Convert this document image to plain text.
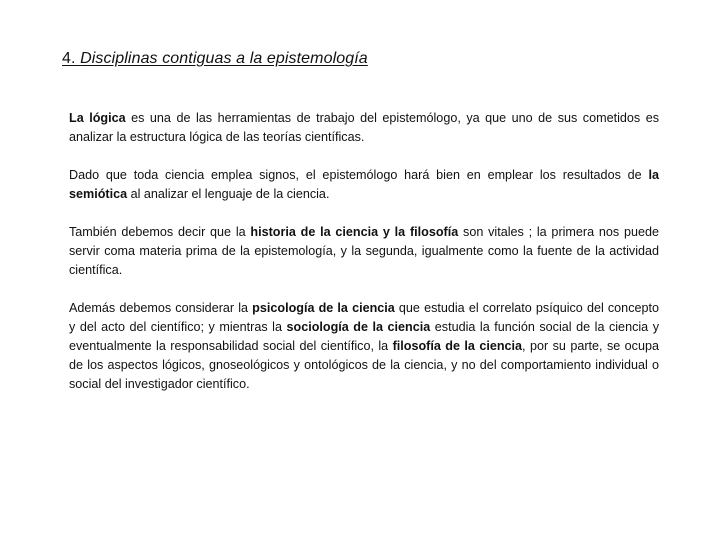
4. Disciplinas contiguas a la epistemología

La lógica es una de las herramientas de trabajo del epistemólogo, ya que uno de sus cometidos es analizar la estructura lógica de las teorías científicas.

Dado que toda ciencia emplea signos, el epistemólogo hará bien en emplear los resultados de la semiótica al analizar el lenguaje de la ciencia.

También debemos decir que la historia de la ciencia y la filosofía son vitales ; la primera nos puede servir coma materia prima de la epistemología, y la segunda, igualmente como la fuente de la actividad científica.

Además debemos considerar la psicología de la ciencia que estudia el correlato psíquico del concepto y del acto del científico; y mientras la sociología de la ciencia estudia la función social de la ciencia y eventualmente la responsabilidad social del científico, la filosofía de la ciencia, por su parte, se ocupa de los aspectos lógicos, gnoseológicos y ontológicos de la ciencia, y no del comportamiento individual o social del investigador científico.
